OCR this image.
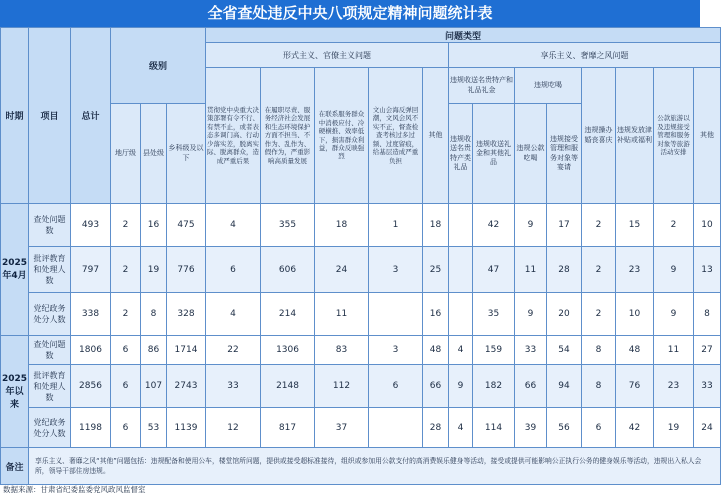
全省查处违反中央八项规定精神问题统计表
时期	项目	总计	级别			问题类型												
						形式主义、官僚主义问题					享乐主义、奢靡之风问题							
						贯彻党中央重大决策部署有令不行、有禁不止，或者表态多调门高、行动少落实差，脱离实际、脱离群众，造成严重后果	在履职尽责、服务经济社会发展和生态环境保护方面不担当、不作为、乱作为、假作为，严重影响高质量发展	在联系服务群众中消极应付、冷硬横推、效率低下，损害群众利益，群众反映强烈	文山会海反弹回潮，文风会风不实不正，督查检查考核过多过频、过度留痕，给基层造成严重负担	其他	违规收送名贵特产和礼品礼金		违规吃喝		违规操办婚丧喜庆	违规发放津补贴或福利	公款旅游以及违规接受管理和服务对象等旅游活动安排	其他
			地厅级	县处级	乡科级及以下						违规收送名贵特产类礼品	违规收送礼金和其他礼品	违规公款吃喝	违规接受管理和服务对象等宴请				
2025年4月	查处问题数	493	2	16	475	4	355	18	1	18		42	9	17	2	15	2	10
	批评教育和处理人数	797	2	19	776	6	606	24	3	25		47	11	28	2	23	9	13
	党纪政务处分人数	338	2	8	328	4	214	11		16		35	9	20	2	10	9	8
2025年以来	查处问题数	1806	6	86	1714	22	1306	83	3	48	4	159	33	54	8	48	11	27
	批评教育和处理人数	2856	6	107	2743	33	2148	112	6	66	9	182	66	94	8	76	23	33
	党纪政务处分人数	1198	6	53	1139	12	817	37		28	4	114	39	56	6	42	19	24
备注	享乐主义、奢靡之风“其他”问题包括：违规配备和使用公车，楼堂馆所问题，提供或接受超标准接待，组织或参加用公款支付的高消费娱乐健身等活动，接受或提供可能影响公正执行公务的健身娱乐等活动，违规出入私人会所，领导干部住房违规。																	
数据来源：甘肃省纪委监委党风政风监督室
